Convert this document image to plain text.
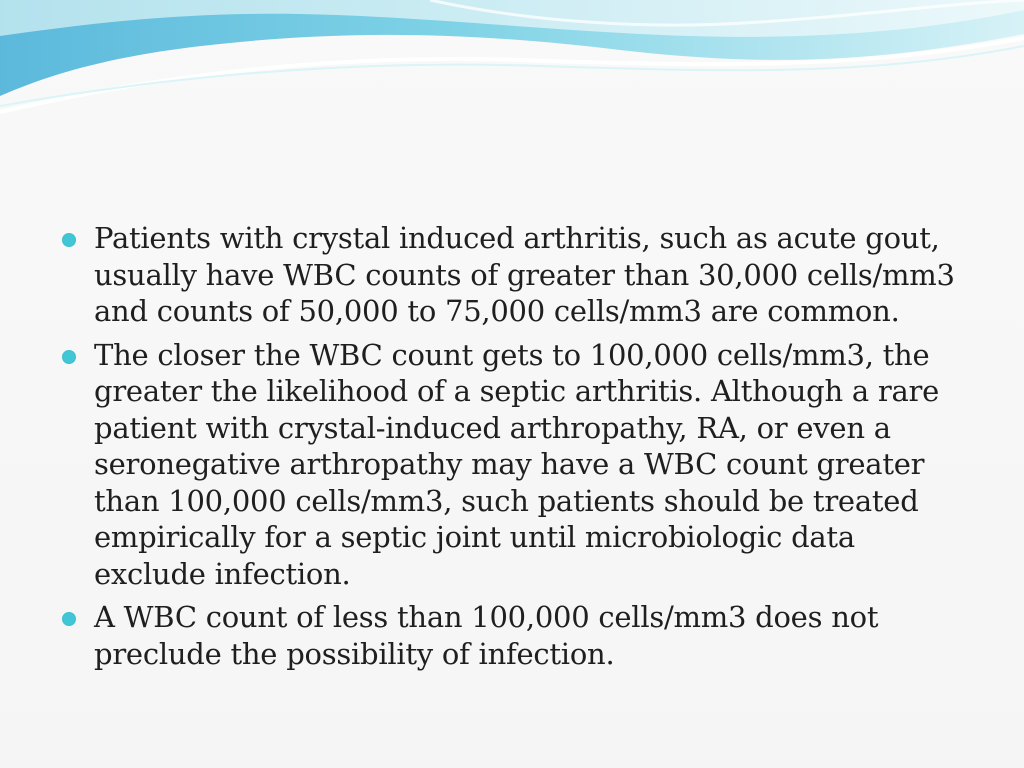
Patients with crystal induced arthritis, such as acute gout, usually have WBC counts of greater than 30,000 cells/mm3 and counts of 50,000 to 75,000 cells/mm3 are common.
The closer the WBC count gets to 100,000 cells/mm3, the greater the likelihood of a septic arthritis. Although a rare patient with crystal-induced arthropathy, RA, or even a seronegative arthropathy may have a WBC count greater than 100,000 cells/mm3, such patients should be treated empirically for a septic joint until microbiologic data exclude infection.
A WBC count of less than 100,000 cells/mm3 does not preclude the possibility of infection.
